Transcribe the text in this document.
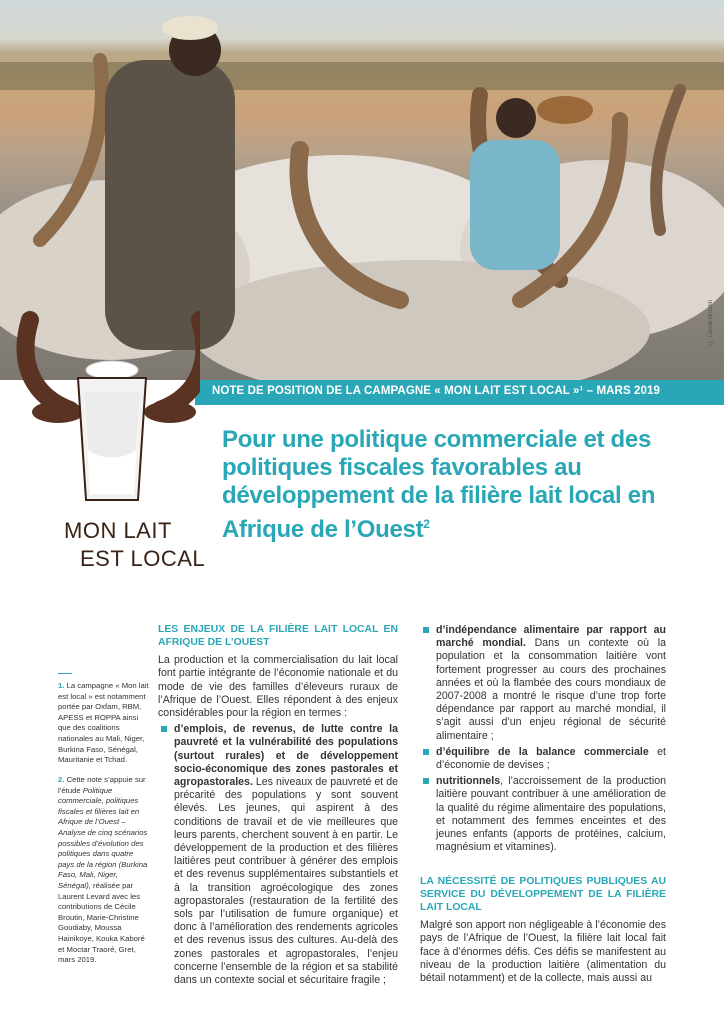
© Cécile Broutin
NOTE DE POSITION DE LA CAMPAGNE « MON LAIT EST LOCAL »¹ – MARS 2019
MON LAIT
EST LOCAL
Pour une politique commerciale et des politiques fiscales favorables au développement de la filière lait local en Afrique de l’Ouest$^2$
1. La campagne « Mon lait est local » est notamment portée par Oxfam, RBM, APESS et ROPPA ainsi que des coalitions nationales au Mali, Niger, Burkina Faso, Sénégal, Mauritanie et Tchad.
2. Cette note s’appuie sur l’étude Politique commerciale, politiques fiscales et filières lait en Afrique de l’Ouest – Analyse de cinq scénarios possibles d’évolution des politiques dans quatre pays de la région (Burkina Faso, Mali, Niger, Sénégal), réalisée par Laurent Levard avec les contributions de Cécile Broutin, Marie-Christine Goudiaby, Moussa Hainikoye, Kouka Kaboré et Moctar Traoré, Gret, mars 2019.
LES ENJEUX DE LA FILIÈRE LAIT LOCAL EN AFRIQUE DE L’OUEST

La production et la commercialisation du lait local font partie intégrante de l’économie nationale et du mode de vie des familles d’éleveurs ruraux de l’Afrique de l’Ouest. Elles répondent à des enjeux considérables pour la région en termes :

d’emplois, de revenus, de lutte contre la pauvreté et la vulnérabilité des populations (surtout rurales) et de développement socio-économique des zones pastorales et agropastorales. Les niveaux de pauvreté et de précarité des populations y sont souvent élevés. Les jeunes, qui aspirent à des conditions de travail et de vie meilleures que leurs parents, cherchent souvent à en partir. Le développement de la production et des filières laitières peut contribuer à générer des emplois et des revenus supplémentaires substantiels et à la transition agroécologique des zones agropastorales (restauration de la fertilité des sols par l’utilisation de fumure organique) et donc à l’amélioration des rendements agricoles et des revenus issus des cultures. Au-delà des zones pastorales et agropastorales, l’enjeu concerne l’ensemble de la région et sa stabilité dans un contexte social et sécuritaire fragile ;

d’indépendance alimentaire par rapport au marché mondial. Dans un contexte où la population et la consommation laitière vont fortement progresser au cours des prochaines années et où la flambée des cours mondiaux de 2007-2008 a montré le risque d’une trop forte dépendance par rapport au marché mondial, il s’agit aussi d’un enjeu régional de sécurité alimentaire ;

d’équilibre de la balance commerciale et d’économie de devises ;

nutritionnels, l’accroissement de la production laitière pouvant contribuer à une amélioration de la qualité du régime alimentaire des populations, et notamment des femmes enceintes et des jeunes enfants (apports de protéines, calcium, magnésium et vitamines).

LA NÉCESSITÉ DE POLITIQUES PUBLIQUES AU SERVICE DU DÉVELOPPEMENT DE LA FILIÈRE LAIT LOCAL

Malgré son apport non négligeable à l’économie des pays de l’Afrique de l’Ouest, la filière lait local fait face à d’énormes défis. Ces défis se manifestent au niveau de la production laitière (alimentation du bétail notamment) et de la collecte, mais aussi au
